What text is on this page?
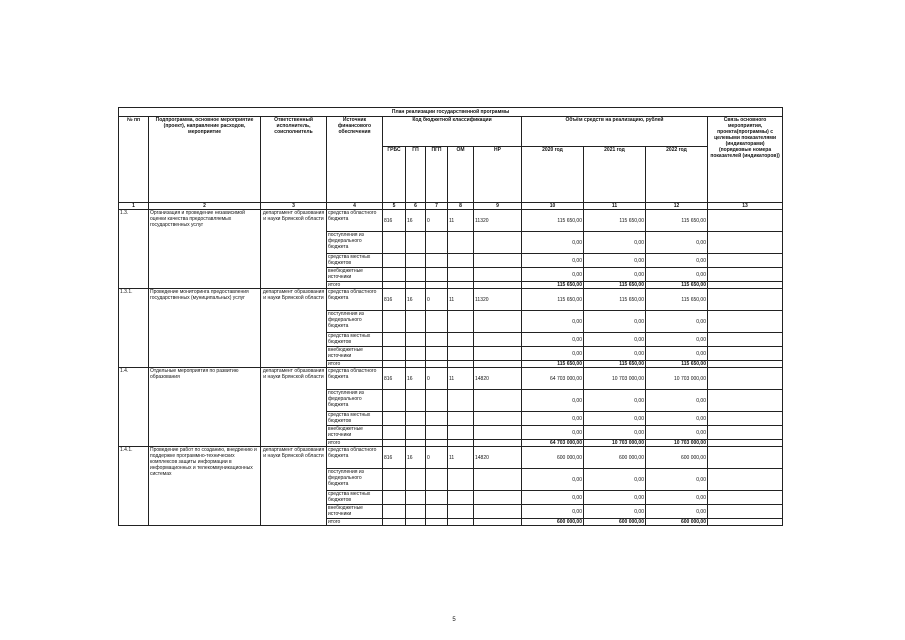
План реализации государственной программы												
№ пп	Подпрограмма, основное мероприятие (проект), направление расходов, мероприятие	Ответственный исполнитель, соисполнитель	Источник финансового обеспечения	Код бюджетной классификации					Объём средств на реализацию, рублей			Связь основного мероприятия, проекта(программы) с целевыми показателями (индикаторами) (порядковые номера показателей (индикаторов))
				ГРБС	ГП	ПГП	ОМ	НР	2020 год	2021 год	2022 год	
1	2	3	4	5	6	7	8	9	10	11	12	13
1.3.	Организация и проведение независимой оценки качества предоставляемых государственных услуг	департамент образования и науки Брянской области	средства областного бюджета	816	16	0	11	11320	115 650,00	115 650,00	115 650,00	
			поступления из федерального бюджета						0,00	0,00	0,00	
			средства местных бюджетов						0,00	0,00	0,00	
			внебюджетные источники						0,00	0,00	0,00	
			итого						115 650,00	115 650,00	115 650,00	
1.3.1.	Проведение мониторинга предоставления государственных (муниципальных) услуг	департамент образования и науки Брянской области	средства областного бюджета	816	16	0	11	11320	115 650,00	115 650,00	115 650,00	
			поступления из федерального бюджета						0,00	0,00	0,00	
			средства местных бюджетов						0,00	0,00	0,00	
			внебюджетные источники						0,00	0,00	0,00	
			итого						115 650,00	115 650,00	115 650,00	
1.4.	Отдельные мероприятия по развитию образования	департамент образования и науки Брянской области	средства областного бюджета	816	16	0	11	14820	64 703 000,00	10 703 000,00	10 703 000,00	
			поступления из федерального бюджета						0,00	0,00	0,00	
			средства местных бюджетов						0,00	0,00	0,00	
			внебюджетные источники						0,00	0,00	0,00	
			итого						64 703 000,00	10 703 000,00	10 703 000,00	
1.4.1.	Проведение работ по созданию, внедрению и поддержке программно-технических комплексов защиты информации в информационных и телекоммуникационных системах	департамент образования и науки Брянской области	средства областного бюджета	816	16	0	11	14820	600 000,00	600 000,00	600 000,00	
			поступления из федерального бюджета						0,00	0,00	0,00	
			средства местных бюджетов						0,00	0,00	0,00	
			внебюджетные источники						0,00	0,00	0,00	
			итого						600 000,00	600 000,00	600 000,00	
5
